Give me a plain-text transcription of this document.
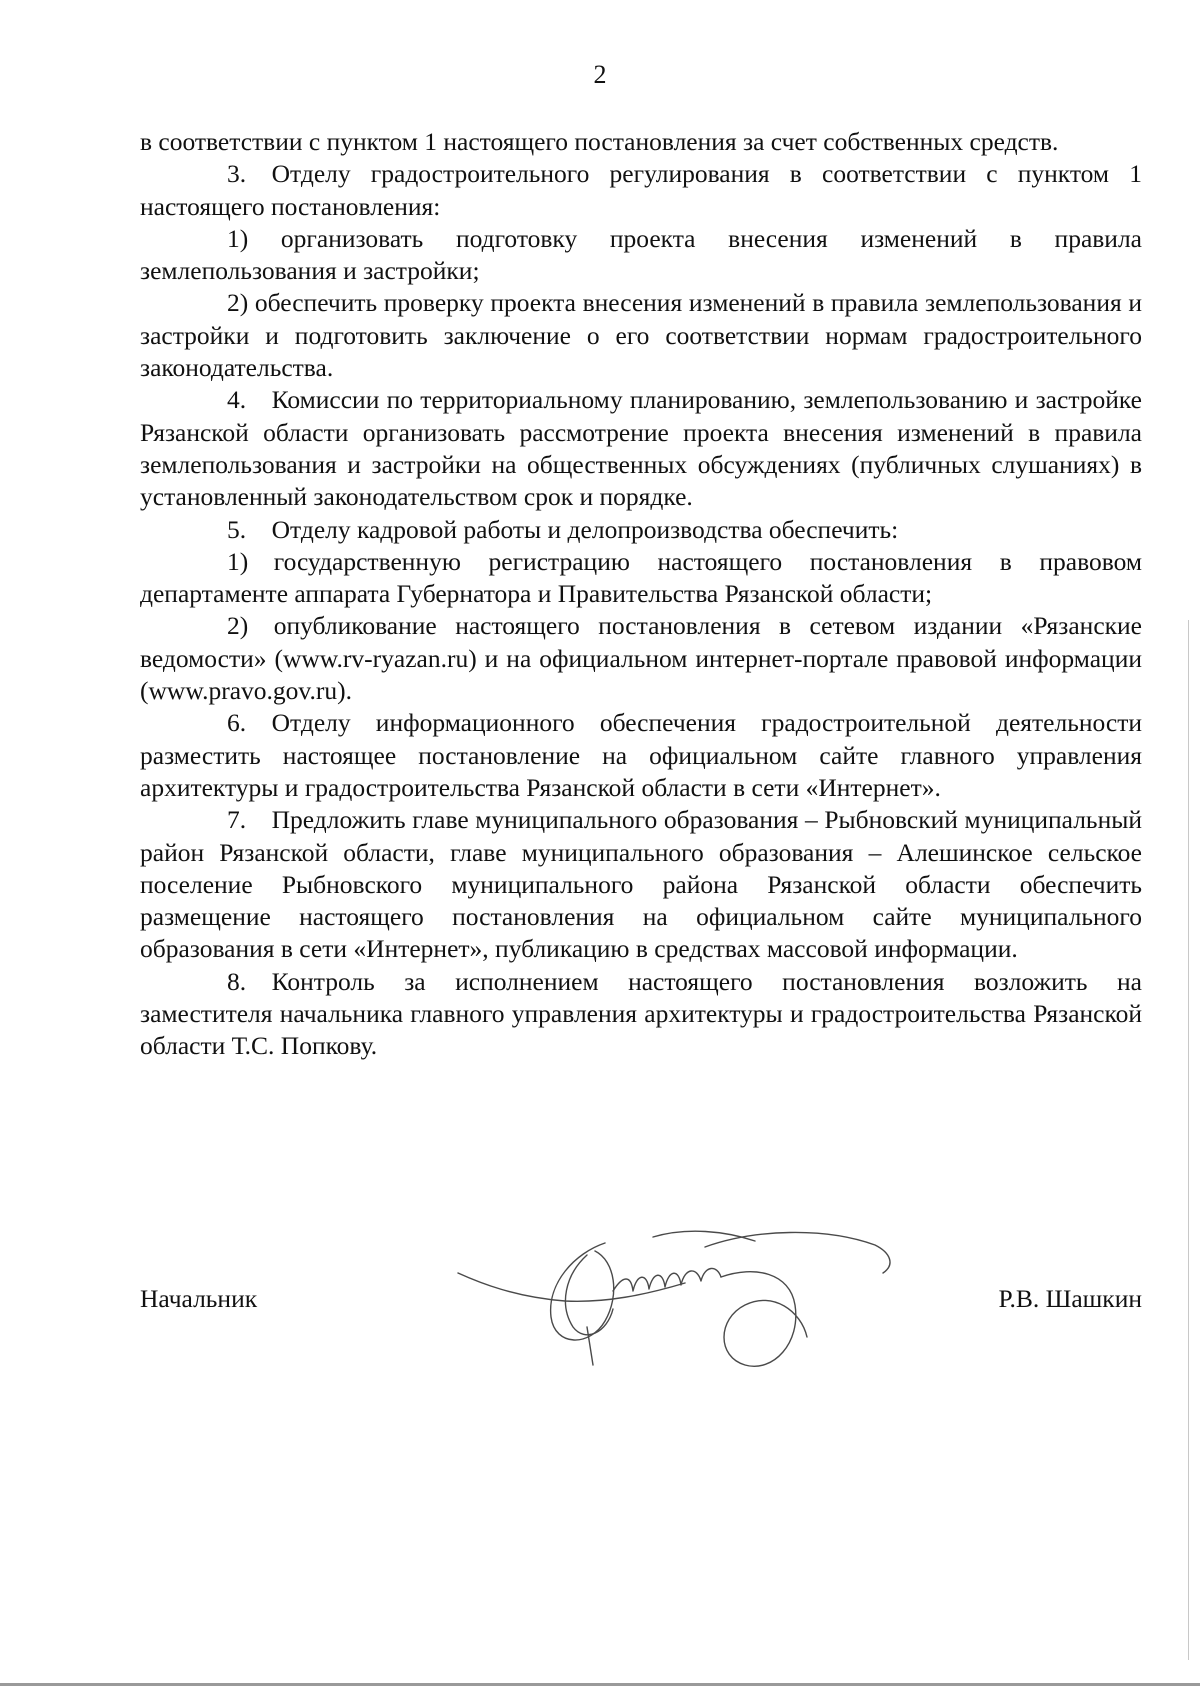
2

в соответствии с пунктом 1 настоящего постановления за счет собственных средств.

3. Отделу градостроительного регулирования в соответствии с пунктом 1 настоящего постановления:

1) организовать подготовку проекта внесения изменений в правила землепользования и застройки;

2) обеспечить проверку проекта внесения изменений в правила землепользования и застройки и подготовить заключение о его соответствии нормам градостроительного законодательства.

4. Комиссии по территориальному планированию, землепользованию и застройке Рязанской области организовать рассмотрение проекта внесения изменений в правила землепользования и застройки на общественных обсуждениях (публичных слушаниях) в установленный законодательством срок и порядке.

5. Отделу кадровой работы и делопроизводства обеспечить:

1) государственную регистрацию настоящего постановления в правовом департаменте аппарата Губернатора и Правительства Рязанской области;

2) опубликование настоящего постановления в сетевом издании «Рязанские ведомости» (www.rv-ryazan.ru) и на официальном интернет-портале правовой информации (www.pravo.gov.ru).

6. Отделу информационного обеспечения градостроительной деятельности разместить настоящее постановление на официальном сайте главного управления архитектуры и градостроительства Рязанской области в сети «Интернет».

7. Предложить главе муниципального образования – Рыбновский муниципальный район Рязанской области, главе муниципального образования – Алешинское сельское поселение Рыбновского муниципального района Рязанской области обеспечить размещение настоящего постановления на официальном сайте муниципального образования в сети «Интернет», публикацию в средствах массовой информации.

8. Контроль за исполнением настоящего постановления возложить на заместителя начальника главного управления архитектуры и градостроительства Рязанской области Т.С. Попкову.

Начальник	Р.В. Шашкин
